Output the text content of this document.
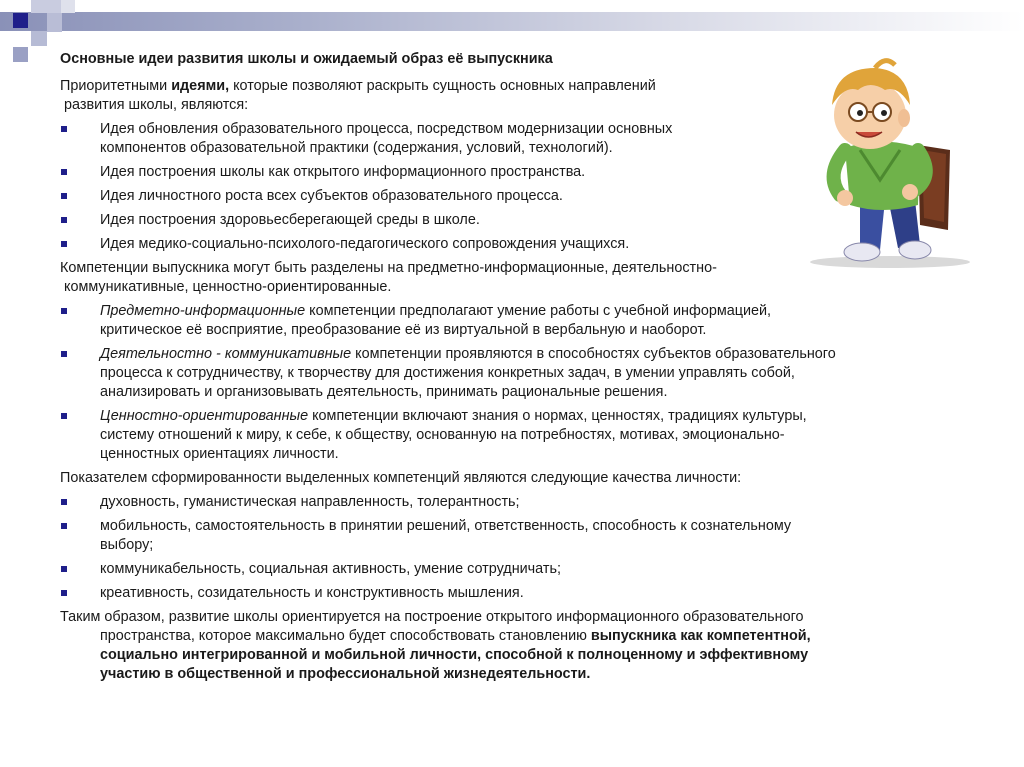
Основные идеи развития школы и ожидаемый образ её выпускника
Приоритетными идеями, которые позволяют раскрыть сущность основных направлений
развития школы, являются:
Идея обновления образовательного процесса, посредством модернизации основных
компонентов образовательной практики (содержания, условий, технологий).
Идея построения школы как открытого информационного пространства.
Идея личностного роста всех субъектов образовательного процесса.
Идея построения здоровьесберегающей среды в школе.
Идея медико-социально-психолого-педагогического сопровождения учащихся.
Компетенции выпускника могут быть разделены на предметно-информационные, деятельностно-
коммуникативные, ценностно-ориентированные.
Предметно-информационные компетенции предполагают умение работы с учебной информацией,
критическое её восприятие, преобразование её из виртуальной в вербальную и наоборот.
Деятельностно - коммуникативные компетенции проявляются в способностях субъектов образовательного
процесса к сотрудничеству, к творчеству для достижения конкретных задач, в умении управлять собой,
анализировать и организовывать деятельность, принимать рациональные решения.
Ценностно-ориентированные компетенции включают знания о нормах, ценностях, традициях культуры,
систему отношений к миру, к себе, к обществу, основанную на потребностях, мотивах, эмоционально-
ценностных ориентациях личности.
Показателем сформированности выделенных компетенций являются следующие качества личности:
духовность, гуманистическая направленность, толерантность;
мобильность, самостоятельность в принятии решений, ответственность, способность к сознательному
выбору;
коммуникабельность, социальная активность, умение сотрудничать;
креативность, созидательность и конструктивность мышления.
Таким образом, развитие школы ориентируется на построение открытого информационного образовательного
пространства, которое максимально будет способствовать становлению выпускника как компетентной,
социально интегрированной и мобильной личности, способной к полноценному и эффективному
участию в общественной и профессиональной жизнедеятельности.
